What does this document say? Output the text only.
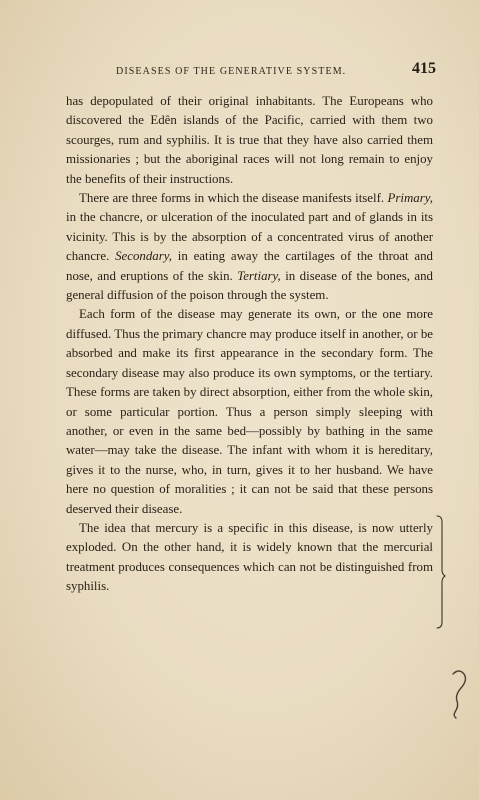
DISEASES OF THE GENERATIVE SYSTEM.	415

has depopulated of their original inhabitants. The Europeans who discovered the Edên islands of the Pacific, carried with them two scourges, rum and syphilis. It is true that they have also carried them missionaries ; but the aboriginal races will not long remain to enjoy the benefits of their instructions.

There are three forms in which the disease manifests itself. Primary, in the chancre, or ulceration of the inoculated part and of glands in its vicinity. This is by the absorption of a concentrated virus of another chancre. Secondary, in eating away the cartilages of the throat and nose, and eruptions of the skin. Tertiary, in disease of the bones, and general diffusion of the poison through the system.

Each form of the disease may generate its own, or the one more diffused. Thus the primary chancre may produce itself in another, or be absorbed and make its first appearance in the secondary form. The secondary disease may also produce its own symptoms, or the tertiary. These forms are taken by direct absorption, either from the whole skin, or some particular portion. Thus a person simply sleeping with another, or even in the same bed—possibly by bathing in the same water—may take the disease. The infant with whom it is hereditary, gives it to the nurse, who, in turn, gives it to her husband. We have here no question of moralities ; it can not be said that these persons deserved their disease.

The idea that mercury is a specific in this disease, is now utterly exploded. On the other hand, it is widely known that the mercurial treatment produces consequences which can not be distinguished from syphilis.
